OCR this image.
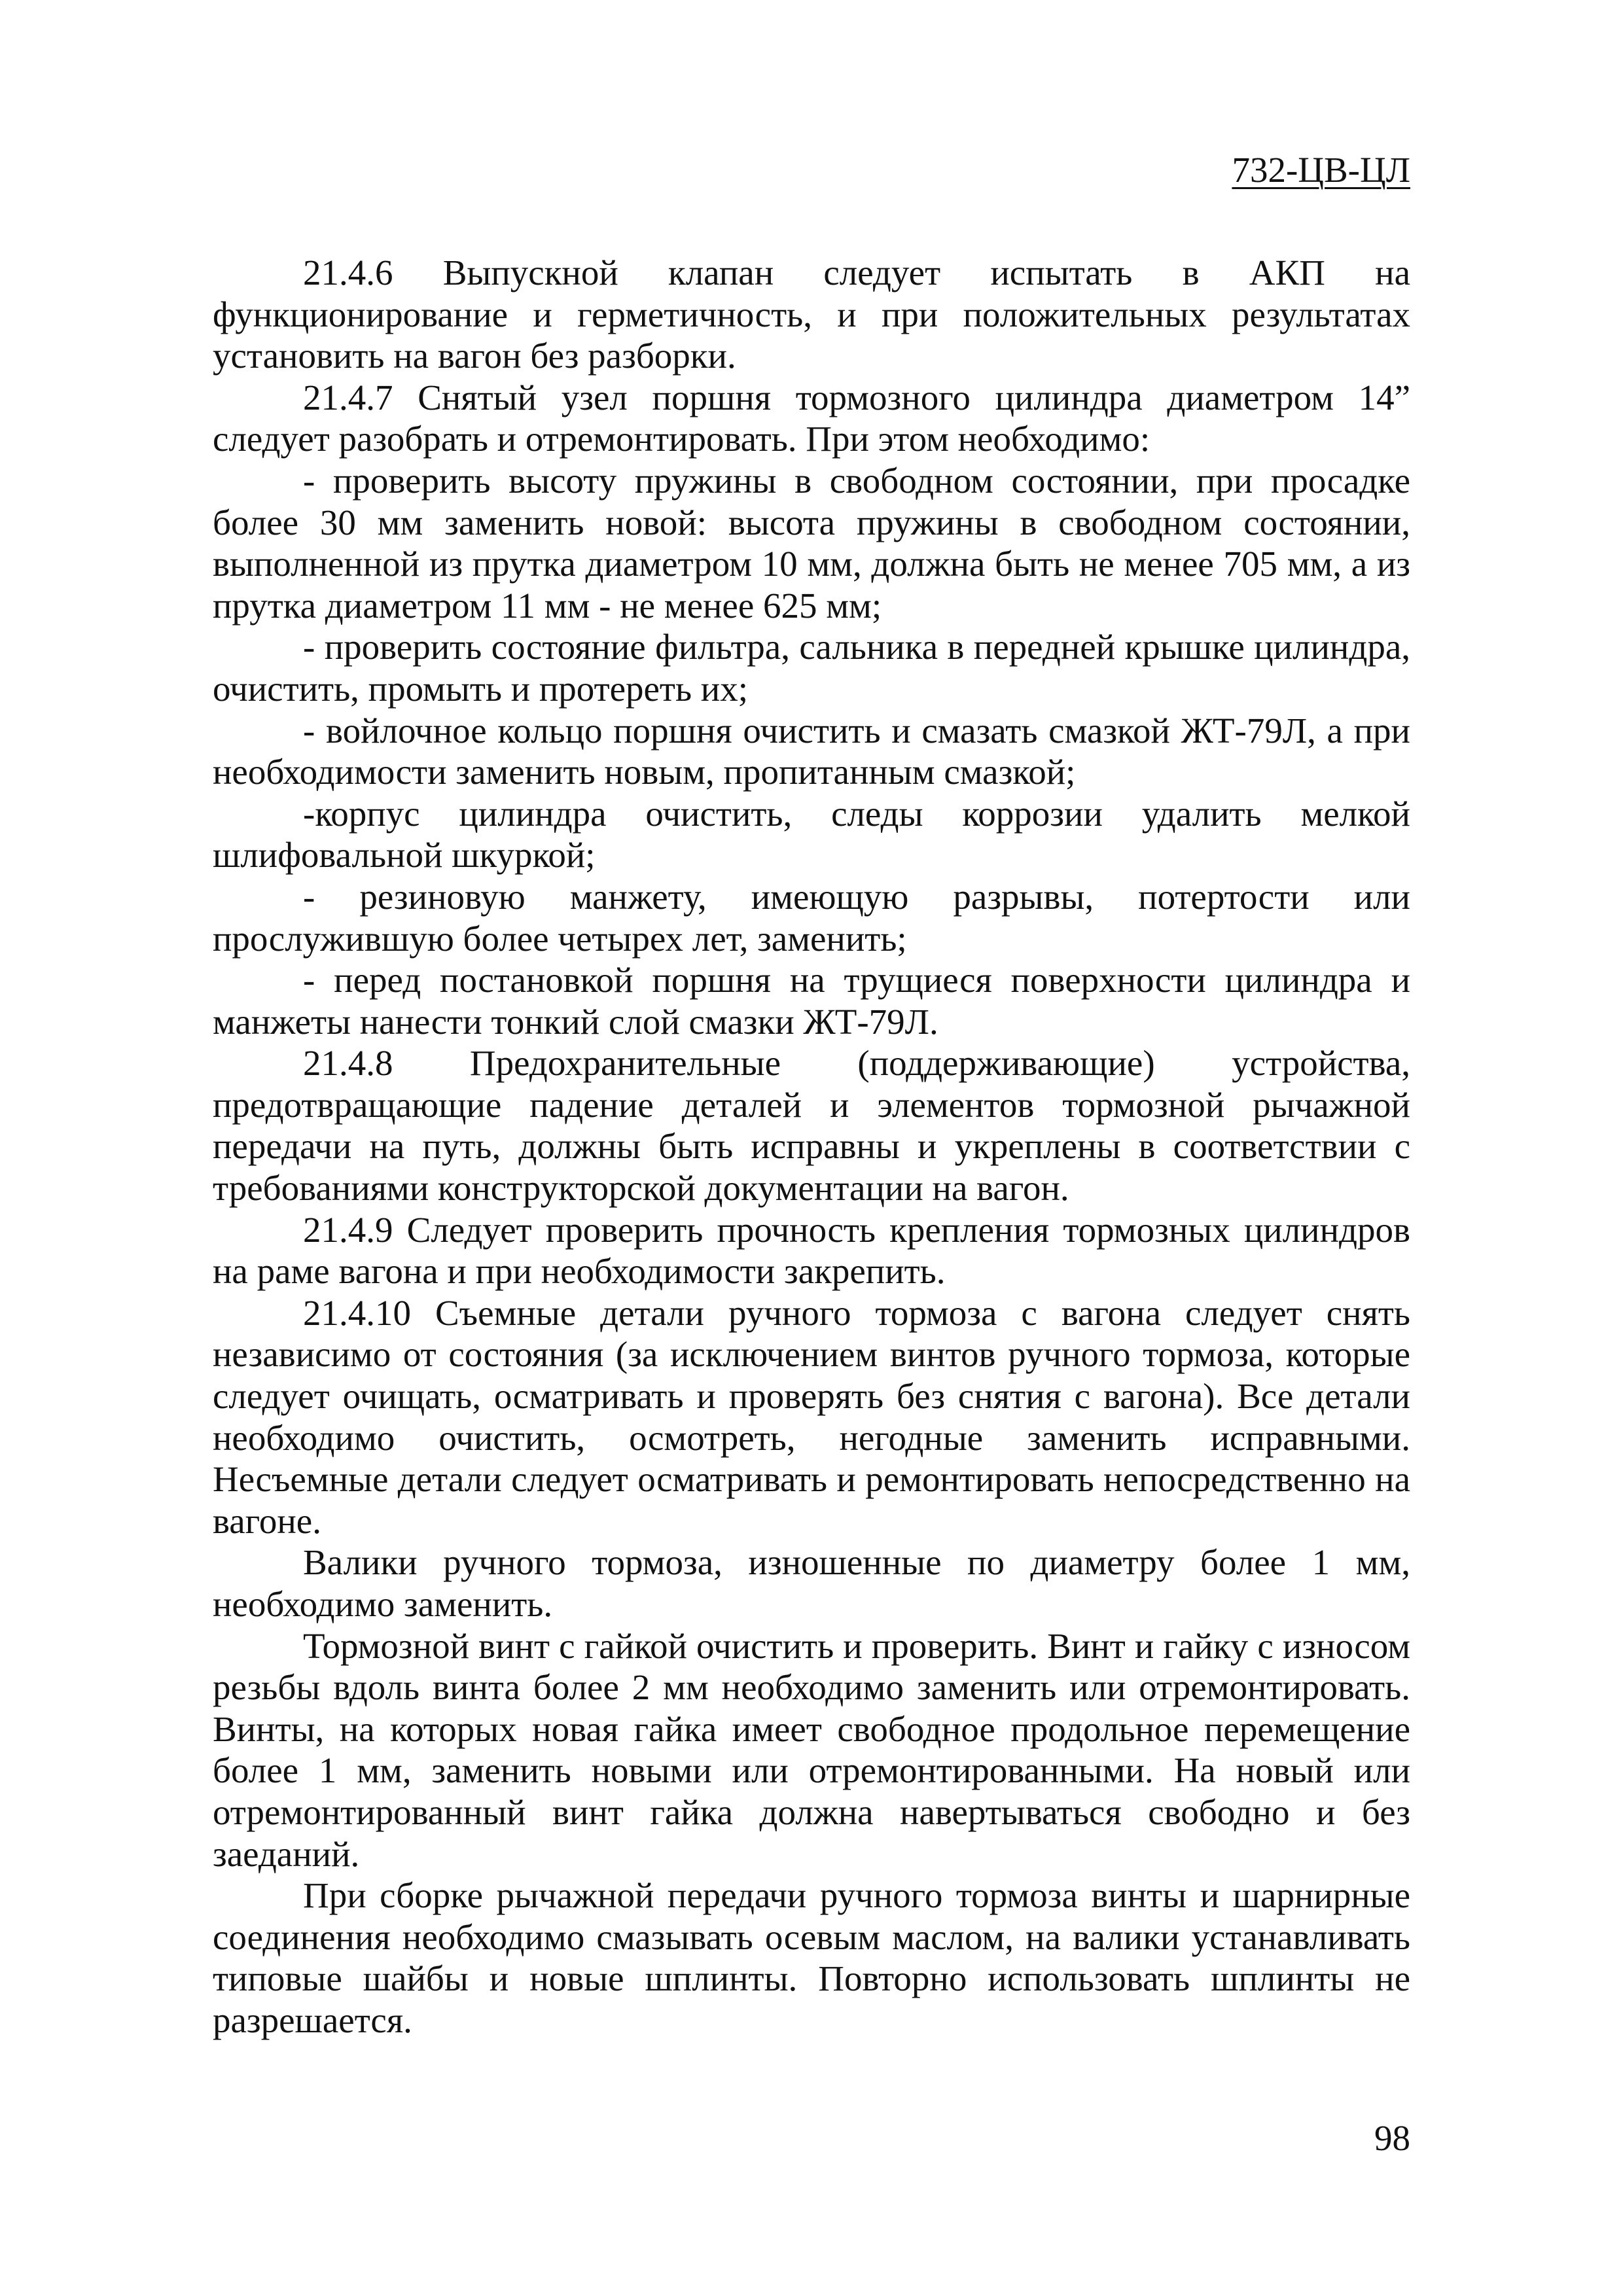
732-ЦВ-ЦЛ

21.4.6 Выпускной клапан следует испытать в АКП на функционирование и герметичность, и при положительных результатах установить на вагон без разборки.

21.4.7 Снятый узел поршня тормозного цилиндра диаметром 14” следует разобрать и отремонтировать. При этом необходимо:

- проверить высоту пружины в свободном состоянии, при просадке более 30 мм заменить новой: высота пружины в свободном состоянии, выполненной из прутка диаметром 10 мм, должна быть не менее 705 мм, а из прутка диаметром 11 мм - не менее 625 мм;

- проверить состояние фильтра, сальника в передней крышке цилиндра, очистить, промыть и протереть их;

- войлочное кольцо поршня очистить и смазать смазкой ЖТ-79Л, а при необходимости заменить новым, пропитанным смазкой;

-корпус цилиндра очистить, следы коррозии удалить мелкой шлифовальной шкуркой;

- резиновую манжету, имеющую разрывы, потертости или прослужившую более четырех лет, заменить;

- перед постановкой поршня на трущиеся поверхности цилиндра и манжеты нанести тонкий слой смазки ЖТ-79Л.

21.4.8 Предохранительные (поддерживающие) устройства, предотвращающие падение деталей и элементов тормозной рычажной передачи на путь, должны быть исправны и укреплены в соответствии с требованиями конструкторской документации на вагон.

21.4.9 Следует проверить прочность крепления тормозных цилиндров на раме вагона и при необходимости закрепить.

21.4.10 Съемные детали ручного тормоза с вагона следует снять независимо от состояния (за исключением винтов ручного тормоза, которые следует очищать, осматривать и проверять без снятия с вагона). Все детали необходимо очистить, осмотреть, негодные заменить исправными. Несъемные детали следует осматривать и ремонтировать непосредственно на вагоне.

Валики ручного тормоза, изношенные по диаметру более 1 мм, необходимо заменить.

Тормозной винт с гайкой очистить и проверить. Винт и гайку с износом резьбы вдоль винта более 2 мм необходимо заменить или отремонтировать. Винты, на которых новая гайка имеет свободное продольное перемещение более 1 мм, заменить новыми или отремонтированными. На новый или отремонтированный винт гайка должна навертываться свободно и без заеданий.

При сборке рычажной передачи ручного тормоза винты и шарнирные соединения необходимо смазывать осевым маслом, на валики устанавливать типовые шайбы и новые шплинты. Повторно использовать шплинты не разрешается.

98
